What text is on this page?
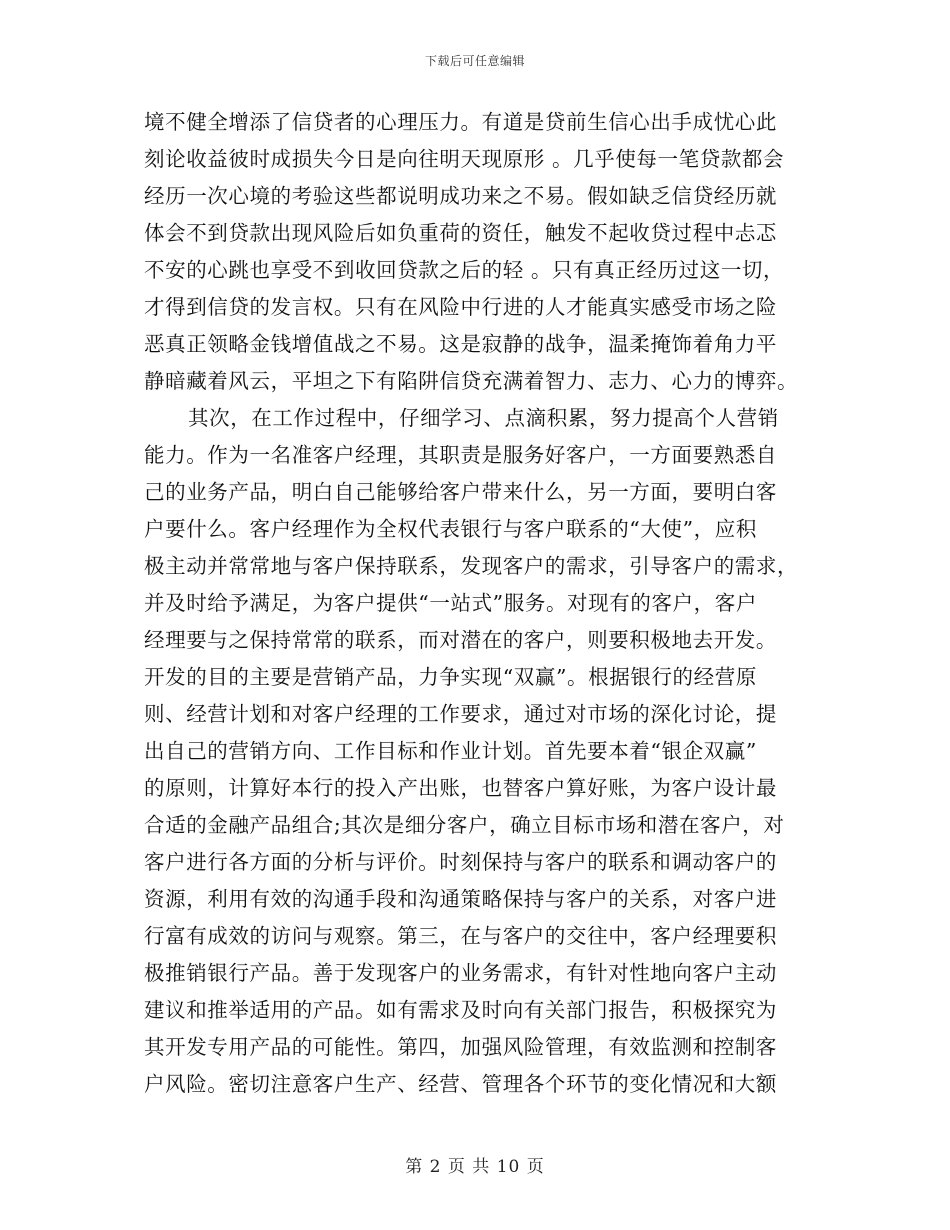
下载后可任意编辑
境不健全增添了信贷者的心理压力。有道是贷前生信心出手成忧心此
刻论收益彼时成损失今日是向往明天现原形 。几乎使每一笔贷款都会
经历一次心境的考验这些都说明成功来之不易。假如缺乏信贷经历就
体会不到贷款出现风险后如负重荷的资任，触发不起收贷过程中忐忑
不安的心跳也享受不到收回贷款之后的轻 。只有真正经历过这一切，
才得到信贷的发言权。只有在风险中行进的人才能真实感受市场之险
恶真正领略金钱增值战之不易。这是寂静的战争，温柔掩饰着角力平
静暗藏着风云，平坦之下有陷阱信贷充满着智力、志力、心力的博弈。
其次，在工作过程中，仔细学习、点滴积累，努力提高个人营销
能力。作为一名准客户经理，其职责是服务好客户，一方面要熟悉自
己的业务产品，明白自己能够给客户带来什么，另一方面，要明白客
户要什么。客户经理作为全权代表银行与客户联系的“大使”，应积
极主动并常常地与客户保持联系，发现客户的需求，引导客户的需求，
并及时给予满足，为客户提供“一站式”服务。对现有的客户，客户
经理要与之保持常常的联系，而对潜在的客户，则要积极地去开发。
开发的目的主要是营销产品，力争实现“双赢”。根据银行的经营原
则、经营计划和对客户经理的工作要求，通过对市场的深化讨论，提
出自己的营销方向、工作目标和作业计划。首先要本着“银企双赢”
的原则，计算好本行的投入产出账，也替客户算好账，为客户设计最
合适的金融产品组合;其次是细分客户，确立目标市场和潜在客户，对
客户进行各方面的分析与评价。时刻保持与客户的联系和调动客户的
资源，利用有效的沟通手段和沟通策略保持与客户的关系，对客户进
行富有成效的访问与观察。第三，在与客户的交往中，客户经理要积
极推销银行产品。善于发现客户的业务需求，有针对性地向客户主动
建议和推举适用的产品。如有需求及时向有关部门报告，积极探究为
其开发专用产品的可能性。第四，加强风险管理，有效监测和控制客
户风险。密切注意客户生产、经营、管理各个环节的变化情况和大额
第 2 页 共 10 页
